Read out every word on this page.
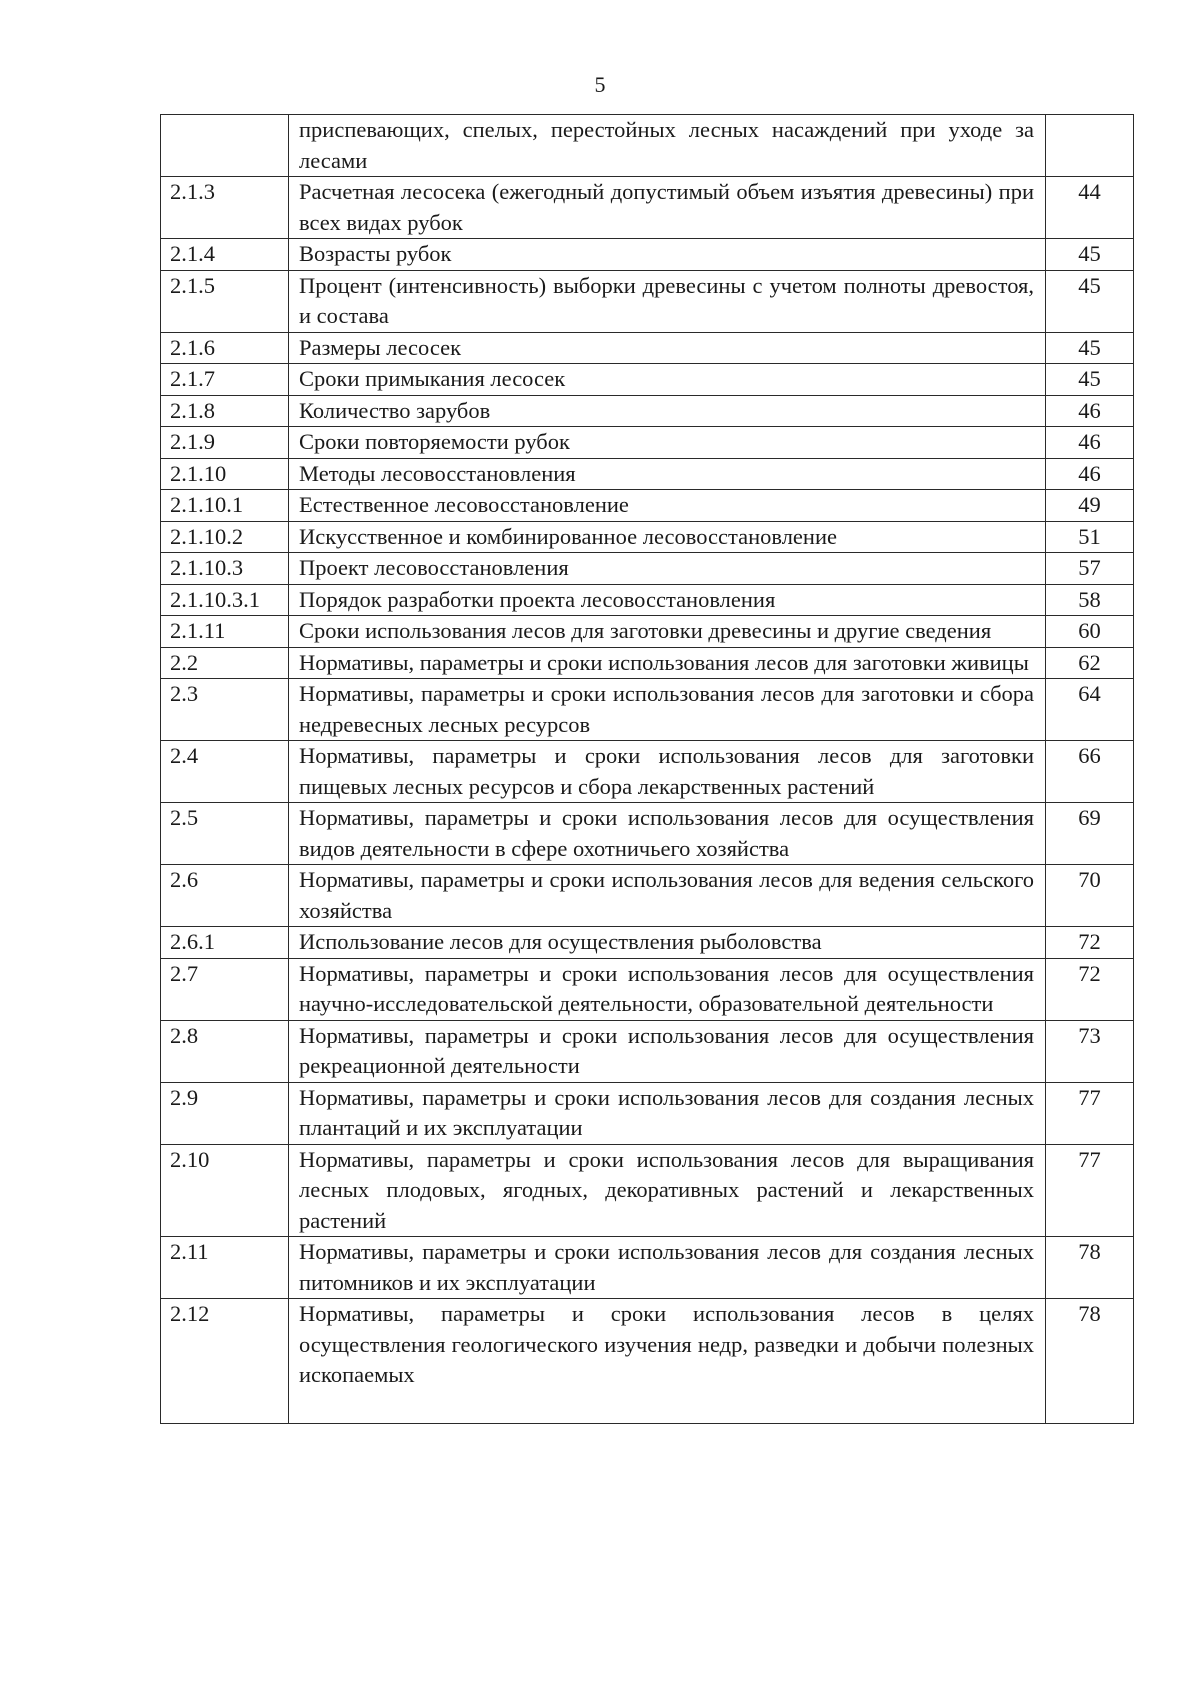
5
	приспевающих, спелых, перестойных лесных насаждений при уходе за лесами	
2.1.3	Расчетная лесосека (ежегодный допустимый объем изъятия древесины) при всех видах рубок	44
2.1.4	Возрасты рубок	45
2.1.5	Процент (интенсивность) выборки древесины с учетом полноты древостоя, и состава	45
2.1.6	Размеры лесосек	45
2.1.7	Сроки примыкания лесосек	45
2.1.8	Количество зарубов	46
2.1.9	Сроки повторяемости рубок	46
2.1.10	Методы лесовосстановления	46
2.1.10.1	Естественное лесовосстановление	49
2.1.10.2	Искусственное и комбинированное лесовосстановление	51
2.1.10.3	Проект лесовосстановления	57
2.1.10.3.1	Порядок разработки проекта лесовосстановления	58
2.1.11	Сроки использования лесов для заготовки древесины и другие сведения	60
2.2	Нормативы, параметры и сроки использования лесов для заготовки живицы	62
2.3	Нормативы, параметры и сроки использования лесов для заготовки и сбора недревесных лесных ресурсов	64
2.4	Нормативы, параметры и сроки использования лесов для заготовки пищевых лесных ресурсов и сбора лекарственных растений	66
2.5	Нормативы, параметры и сроки использования лесов для осуществления видов деятельности в сфере охотничьего хозяйства	69
2.6	Нормативы, параметры и сроки использования лесов для ведения сельского хозяйства	70
2.6.1	Использование лесов для осуществления рыболовства	72
2.7	Нормативы, параметры и сроки использования лесов для осуществления научно-исследовательской деятельности, образовательной деятельности	72
2.8	Нормативы, параметры и сроки использования лесов для осуществления рекреационной деятельности	73
2.9	Нормативы, параметры и сроки использования лесов для создания лесных плантаций и их эксплуатации	77
2.10	Нормативы, параметры и сроки использования лесов для выращивания лесных плодовых, ягодных, декоративных растений и лекарственных растений	77
2.11	Нормативы, параметры и сроки использования лесов для создания лесных питомников и их эксплуатации	78
2.12	Нормативы, параметры и сроки использования лесов в целях осуществления геологического изучения недр, разведки и добычи полезных ископаемых	78
